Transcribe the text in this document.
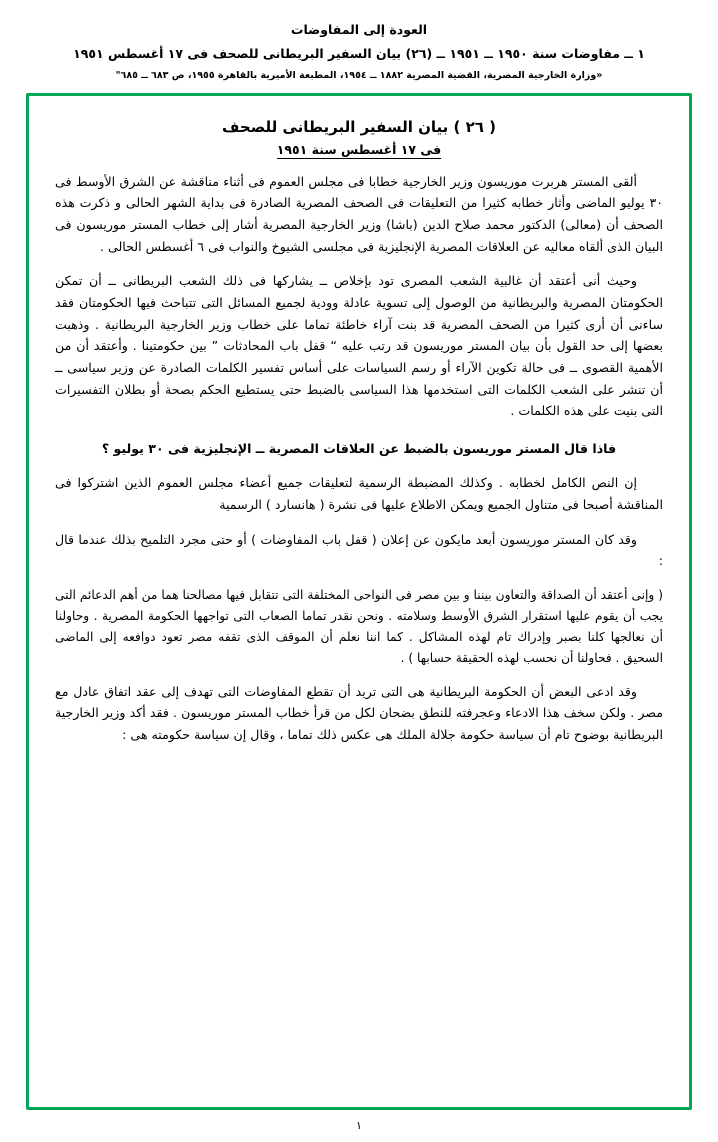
العودة إلى المفاوضات
١ ــ مفاوضات سنة ١٩٥٠ ــ ١٩٥١ ــ (٢٦) بيان السفير البريطانى للصحف فى ١٧ أغسطس ١٩٥١
«وزارة الخارجية المصرية، القضية المصرية ١٨٨٢ ــ ١٩٥٤، المطبعة الأميرية بالقاهرة ١٩٥٥، ص ٦٨٣ ــ ٦٨٥"
( ٢٦ ) بيان السفير البريطانى للصحف
فى ١٧ أغسطس سنة ١٩٥١

ألقى المستر هربرت موريسون وزير الخارجية خطابا فى مجلس العموم فى أثناء مناقشة عن الشرق الأوسط فى ٣٠ يوليو الماضى وأثار خطابه كثيرا من التعليقات فى الصحف المصرية الصادرة فى بداية الشهر الحالى و ذكرت هذه الصحف أن (معالى) الدكتور محمد صلاح الدين (باشا) وزير الخارجية المصرية أشار إلى خطاب المستر موريسون فى البيان الذى ألقاه معاليه عن العلاقات المصرية الإنجليزية فى مجلسى الشيوخ والنواب فى ٦ أغسطس الحالى .

وحيث أنى أعتقد أن غالبية الشعب المصرى تود بإخلاص ــ يشاركها فى ذلك الشعب البريطانى ــ أن تمكن الحكومتان المصرية والبريطانية من الوصول إلى تسوية عادلة وودية لجميع المسائل التى تتباحث فيها الحكومتان فقد ساءنى أن أرى كثيرا من الصحف المصرية قد بنت آراء خاطئة تماما على خطاب وزير الخارجية البريطانية . وذهبت بعضها إلى حد القول بأن بيان المستر موريسون قد رتب عليه “ قفل باب المحادثات ” بين حكومتينا . وأعتقد أن من الأهمية القصوى ــ فى حالة تكوين الآراء أو رسم السياسات على أساس تفسير الكلمات الصادرة عن وزير سياسى ــ أن تنشر على الشعب الكلمات التى استخدمها هذا السياسى بالضبط حتى يستطيع الحكم بصحة أو بطلان التفسيرات التى بنيت على هذه الكلمات .

فاذا قال المستر موريسون بالضبط عن العلاقات المصرية ــ الإنجليزية فى ٣٠ يوليو ؟

إن النص الكامل لخطابه . وكذلك المضبطة الرسمية لتعليقات جميع أعضاء مجلس العموم الذين اشتركوا فى المناقشة أصبحا فى متناول الجميع ويمكن الاطلاع عليها فى نشرة ( هانسارد ) الرسمية

وقد كان المستر موريسون أبعد مايكون عن إعلان ( قفل باب المفاوضات ) أو حتى مجرد التلميح بذلك عندما قال :

( وإنى أعتقد أن الصداقة والتعاون بيننا و بين مصر فى النواحى المختلفة التى تتقابل فيها مصالحنا هما من أهم الدعائم التى يجب أن يقوم عليها استقرار الشرق الأوسط وسلامته . ونحن نقدر تماما الصعاب التى تواجهها الحكومة المصرية . وحاولنا أن نعالجها كلنا بصبر وإدراك تام لهذه المشاكل . كما اننا نعلم أن الموقف الذى تقفه مصر تعود دوافعه إلى الماضى السحيق . فحاولنا أن نحسب لهذه الحقيقة حسابها ) .

وقد ادعى البعض أن الحكومة البريطانية هى التى تريد أن تقطع المفاوضات التى تهدف إلى عقد اتفاق عادل مع مصر . ولكن سخف هذا الادعاء وعجرفته للنطق بضحان لكل من قرأ خطاب المستر موريسون . فقد أكد وزير الخارجية البريطانية بوضوح تام أن سياسة حكومة جلالة الملك هى عكس ذلك تماما ، وقال إن سياسة حكومته هى :

١
